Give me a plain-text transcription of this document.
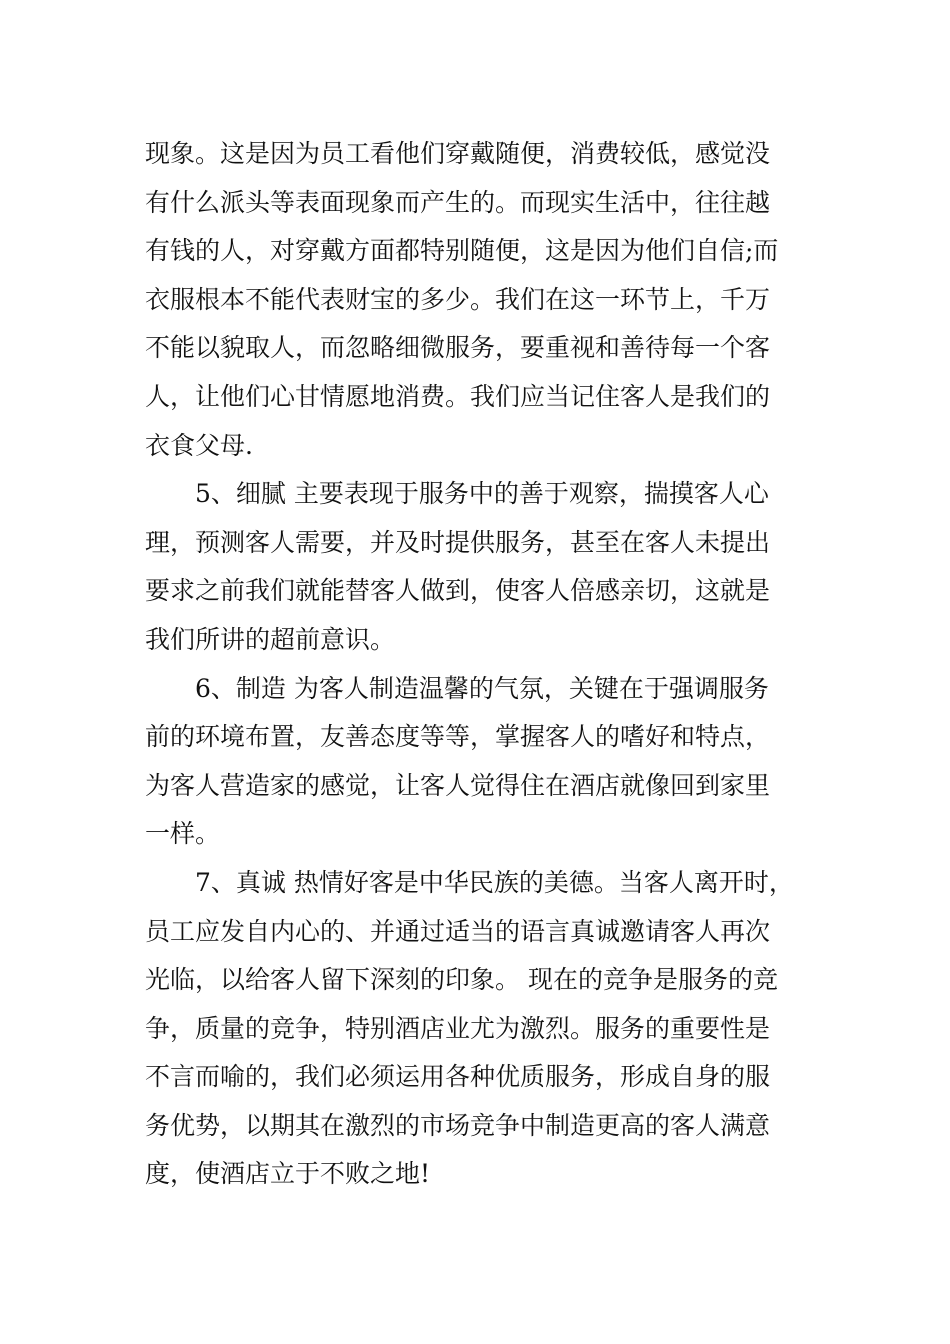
现象。这是因为员工看他们穿戴随便，消费较低，感觉没
有什么派头等表面现象而产生的。而现实生活中，往往越
有钱的人，对穿戴方面都特别随便，这是因为他们自信;而
衣服根本不能代表财宝的多少。我们在这一环节上，千万
不能以貌取人，而忽略细微服务，要重视和善待每一个客
人，让他们心甘情愿地消费。我们应当记住客人是我们的
衣食父母.
　　5、细腻 主要表现于服务中的善于观察，揣摸客人心
理，预测客人需要，并及时提供服务，甚至在客人未提出
要求之前我们就能替客人做到，使客人倍感亲切，这就是
我们所讲的超前意识。
　　6、制造 为客人制造温馨的气氛，关键在于强调服务
前的环境布置，友善态度等等，掌握客人的嗜好和特点，
为客人营造家的感觉，让客人觉得住在酒店就像回到家里
一样。
　　7、真诚 热情好客是中华民族的美德。当客人离开时，
员工应发自内心的、并通过适当的语言真诚邀请客人再次
光临，以给客人留下深刻的印象。 现在的竞争是服务的竞
争，质量的竞争，特别酒店业尤为激烈。服务的重要性是
不言而喻的，我们必须运用各种优质服务，形成自身的服
务优势，以期其在激烈的市场竞争中制造更高的客人满意
度，使酒店立于不败之地!
